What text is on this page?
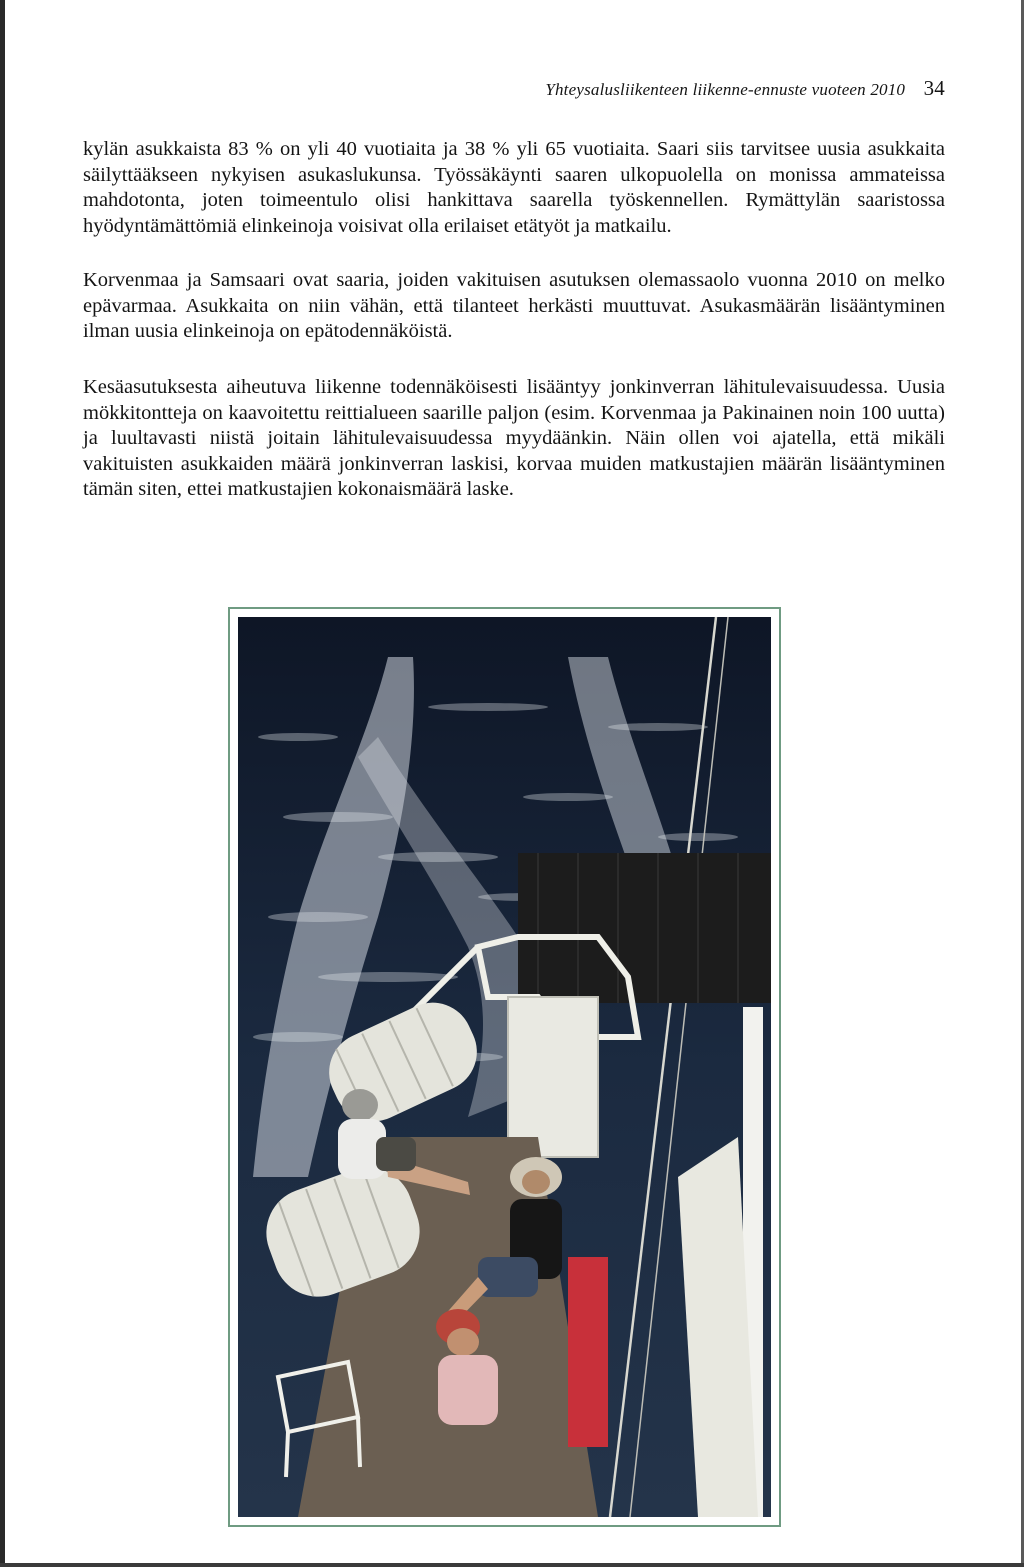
Yhteysalusliikenteen liikenne-ennuste vuoteen 2010 34

kylän asukkaista 83 % on yli 40 vuotiaita ja 38 % yli 65 vuotiaita. Saari siis tarvitsee uusia asukkaita säilyttääkseen nykyisen asukaslukunsa. Työssäkäynti saaren ulkopuolella on monissa ammateissa mahdotonta, joten toimeentulo olisi hankittava saarella työskennellen. Rymättylän saaristossa hyödyntämättömiä elinkeinoja voisivat olla erilaiset etätyöt ja matkailu.

Korvenmaa ja Samsaari ovat saaria, joiden vakituisen asutuksen olemassaolo vuonna 2010 on melko epävarmaa. Asukkaita on niin vähän, että tilanteet herkästi muuttuvat. Asukasmäärän lisääntyminen ilman uusia elinkeinoja on epätodennäköistä.

Kesäasutuksesta aiheutuva liikenne todennäköisesti lisääntyy jonkinverran lähitulevaisuudessa. Uusia mökkitontteja on kaavoitettu reittialueen saarille paljon (esim. Korvenmaa ja Pakinainen noin 100 uutta) ja luultavasti niistä joitain lähitulevaisuudessa myydäänkin. Näin ollen voi ajatella, että mikäli vakituisten asukkaiden määrä jonkinverran laskisi, korvaa muiden matkustajien määrän lisääntyminen tämän siten, ettei matkustajien kokonaismäärä laske.
